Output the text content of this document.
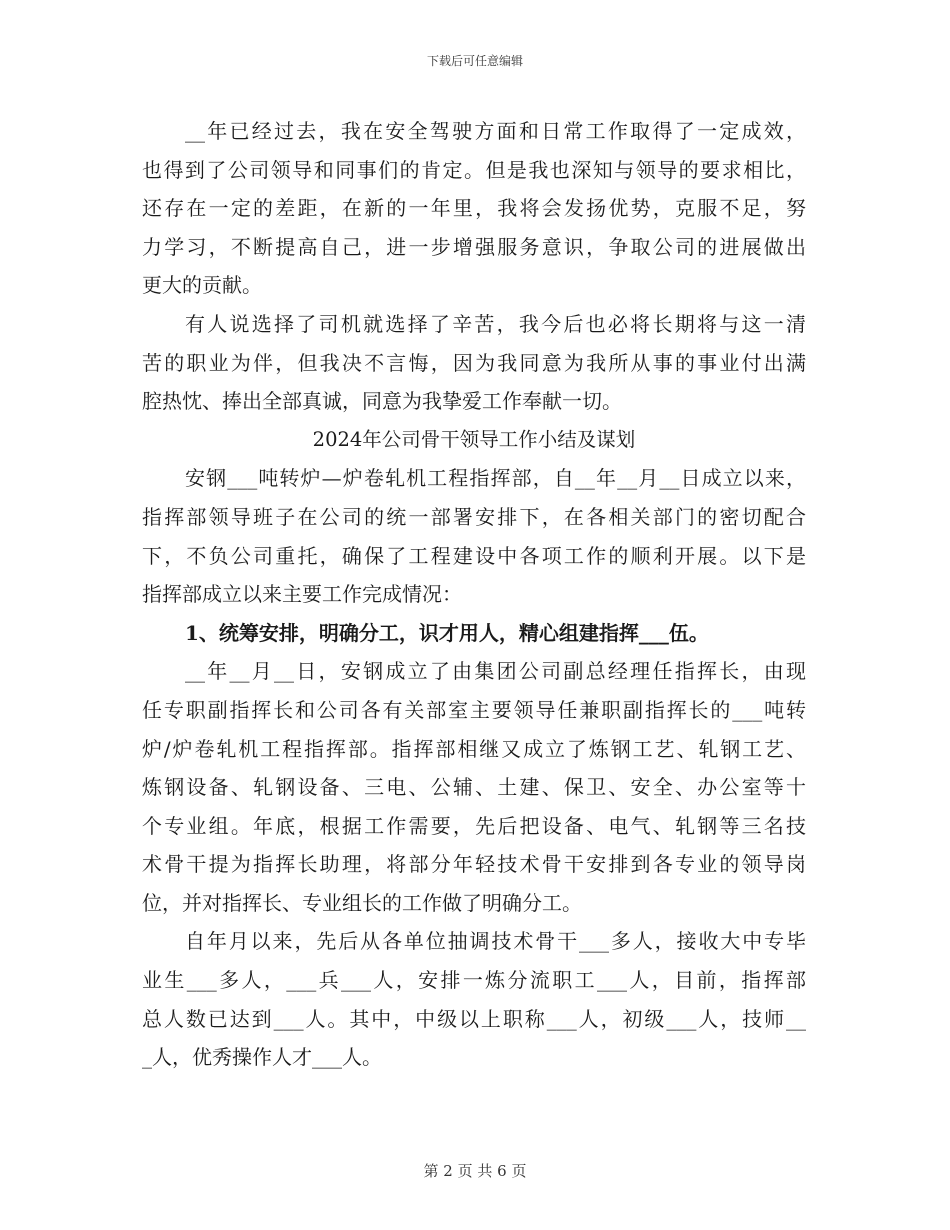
下载后可任意编辑
__年已经过去，我在安全驾驶方面和日常工作取得了一定成效，
也得到了公司领导和同事们的肯定。但是我也深知与领导的要求相比，
还存在一定的差距，在新的一年里，我将会发扬优势，克服不足，努
力学习，不断提高自己，进一步增强服务意识，争取公司的进展做出
更大的贡献。
有人说选择了司机就选择了辛苦，我今后也必将长期将与这一清
苦的职业为伴，但我决不言悔，因为我同意为我所从事的事业付出满
腔热忱、捧出全部真诚，同意为我挚爱工作奉献一切。
2024年公司骨干领导工作小结及谋划
安钢___吨转炉—炉卷轧机工程指挥部，自__年__月__日成立以来，
指挥部领导班子在公司的统一部署安排下，在各相关部门的密切配合
下，不负公司重托，确保了工程建设中各项工作的顺利开展。以下是
指挥部成立以来主要工作完成情况：
1、统筹安排，明确分工，识才用人，精心组建指挥___伍。
__年__月__日，安钢成立了由集团公司副总经理任指挥长，由现
任专职副指挥长和公司各有关部室主要领导任兼职副指挥长的___吨转
炉/炉卷轧机工程指挥部。指挥部相继又成立了炼钢工艺、轧钢工艺、
炼钢设备、轧钢设备、三电、公辅、土建、保卫、安全、办公室等十
个专业组。年底，根据工作需要，先后把设备、电气、轧钢等三名技
术骨干提为指挥长助理，将部分年轻技术骨干安排到各专业的领导岗
位，并对指挥长、专业组长的工作做了明确分工。
自年月以来，先后从各单位抽调技术骨干___多人，接收大中专毕
业生___多人，___兵___人，安排一炼分流职工___人，目前，指挥部
总人数已达到___人。其中，中级以上职称___人，初级___人，技师__
_人，优秀操作人才___人。
第 2 页 共 6 页
